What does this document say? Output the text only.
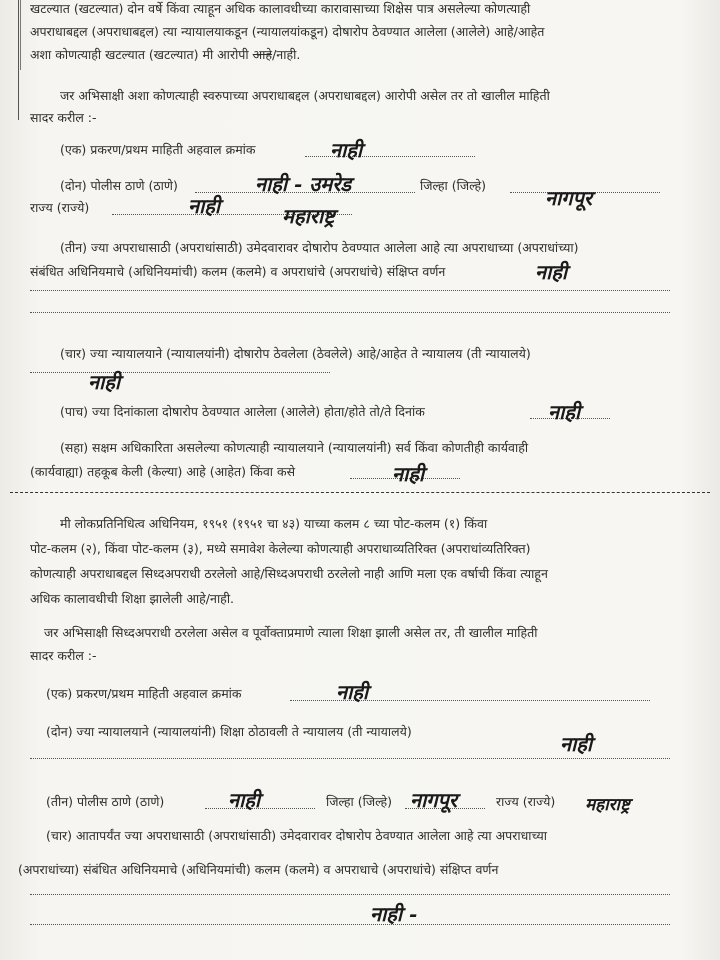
खटल्यात (खटल्यात) दोन वर्षे किंवा त्याहून अधिक कालावधीच्या कारावासाच्या शिक्षेस पात्र असलेल्या कोणत्याही
अपराधाबद्दल (अपराधाबद्दल) त्या न्यायालयाकडून (न्यायालयांकडून) दोषारोप ठेवण्यात आलेला (आलेले) आहे/आहेत
अशा कोणत्याही खटल्यात (खटल्यात) मी आरोपी आहे/नाही.
जर अभिसाक्षी अशा कोणत्याही स्वरुपाच्या अपराधाबद्दल (अपराधाबद्दल) आरोपी असेल तर तो खालील माहिती
सादर करील :-
(एक) प्रकरण/प्रथम माहिती अहवाल क्रमांक	नाही
(दोन) पोलीस ठाणे (ठाणे)	नाही - उमरेड	जिल्हा (जिल्हे)
नागपूर
राज्य (राज्ये)	नाही	महाराष्ट्र
(तीन) ज्या अपराधासाठी (अपराधांसाठी) उमेदवारावर दोषारोप ठेवण्यात आलेला आहे त्या अपराधाच्या (अपराधांच्या)
संबंधित अधिनियमाचे (अधिनियमांची) कलम (कलमे) व अपराधांचे (अपराधांचे) संक्षिप्त वर्णन	नाही
(चार) ज्या न्यायालयाने (न्यायालयांनी) दोषारोप ठेवलेला (ठेवलेले) आहे/आहेत ते न्यायालय (ती न्यायालये)
नाही
(पाच) ज्या दिनांकाला दोषारोप ठेवण्यात आलेला (आलेले) होता/होते तो/ते दिनांक	नाही
(सहा) सक्षम अधिकारिता असलेल्या कोणत्याही न्यायालयाने (न्यायालयांनी) सर्व किंवा कोणतीही कार्यवाही
(कार्यवाह्या) तहकूब केली (केल्या) आहे (आहेत) किंवा कसे	नाही
मी लोकप्रतिनिधित्व अधिनियम, १९५१ (१९५१ चा ४३) याच्या कलम ८ च्या पोट-कलम (१) किंवा
पोट-कलम (२), किंवा पोट-कलम (३), मध्ये समावेश केलेल्या कोणत्याही अपराधाव्यतिरिक्त (अपराधांव्यतिरिक्त)
कोणत्याही अपराधाबद्दल सिध्दअपराधी ठरलेलो आहे/सिध्दअपराधी ठरलेलो नाही आणि मला एक वर्षाची किंवा त्याहून
अधिक कालावधीची शिक्षा झालेली आहे/नाही.
जर अभिसाक्षी सिध्दअपराधी ठरलेला असेल व पूर्वोक्ताप्रमाणे त्याला शिक्षा झाली असेल तर, ती खालील माहिती
सादर करील :-
(एक) प्रकरण/प्रथम माहिती अहवाल क्रमांक	नाही
(दोन) ज्या न्यायालयाने (न्यायालयांनी) शिक्षा ठोठावली ते न्यायालय (ती न्यायालये)
नाही
(तीन) पोलीस ठाणे (ठाणे)	नाही	जिल्हा (जिल्हे) नागपूर	राज्य (राज्ये) महाराष्ट्र
(चार) आतापर्यंत ज्या अपराधासाठी (अपराधांसाठी) उमेदवारावर दोषारोप ठेवण्यात आलेला आहे त्या अपराधाच्या
(अपराधांच्या) संबंधित अधिनियमाचे (अधिनियमांची) कलम (कलमे) व अपराधाचे (अपराधांचे) संक्षिप्त वर्णन
नाही -
